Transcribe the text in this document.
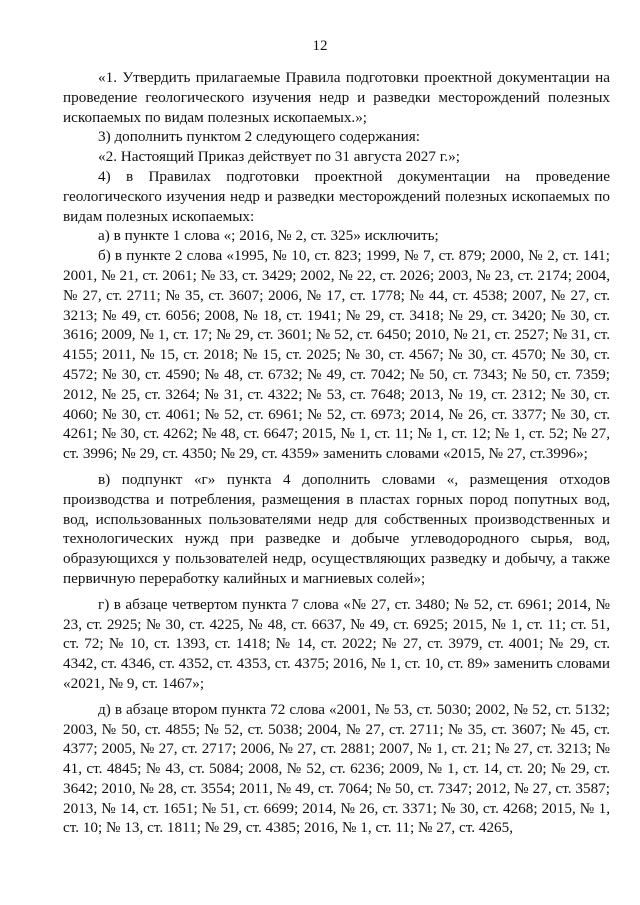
12

«1. Утвердить прилагаемые Правила подготовки проектной документации на проведение геологического изучения недр и разведки месторождений полезных ископаемых по видам полезных ископаемых.»;

3) дополнить пунктом 2 следующего содержания:

«2. Настоящий Приказ действует по 31 августа 2027 г.»;

4) в Правилах подготовки проектной документации на проведение геологического изучения недр и разведки месторождений полезных ископаемых по видам полезных ископаемых:

а) в пункте 1 слова «; 2016, № 2, ст. 325» исключить;

б) в пункте 2 слова «1995, № 10, ст. 823; 1999, № 7, ст. 879; 2000, № 2, ст. 141; 2001, № 21, ст. 2061; № 33, ст. 3429; 2002, № 22, ст. 2026; 2003, № 23, ст. 2174; 2004, № 27, ст. 2711; № 35, ст. 3607; 2006, № 17, ст. 1778; № 44, ст. 4538; 2007, № 27, ст. 3213; № 49, ст. 6056; 2008, № 18, ст. 1941; № 29, ст. 3418; № 29, ст. 3420; № 30, ст. 3616; 2009, № 1, ст. 17; № 29, ст. 3601; № 52, ст. 6450; 2010, № 21, ст. 2527; № 31, ст. 4155; 2011, № 15, ст. 2018; № 15, ст. 2025; № 30, ст. 4567; № 30, ст. 4570; № 30, ст. 4572; № 30, ст. 4590; № 48, ст. 6732; № 49, ст. 7042; № 50, ст. 7343; № 50, ст. 7359; 2012, № 25, ст. 3264; № 31, ст. 4322; № 53, ст. 7648; 2013, № 19, ст. 2312; № 30, ст. 4060; № 30, ст. 4061; № 52, ст. 6961; № 52, ст. 6973; 2014, № 26, ст. 3377; № 30, ст. 4261; № 30, ст. 4262; № 48, ст. 6647; 2015, № 1, ст. 11; № 1, ст. 12; № 1, ст. 52; № 27, ст. 3996; № 29, ст. 4350; № 29, ст. 4359» заменить словами «2015, № 27, ст.3996»;

в) подпункт «г» пункта 4 дополнить словами «, размещения отходов производства и потребления, размещения в пластах горных пород попутных вод, вод, использованных пользователями недр для собственных производственных и технологических нужд при разведке и добыче углеводородного сырья, вод, образующихся у пользователей недр, осуществляющих разведку и добычу, а также первичную переработку калийных и магниевых солей»;

г) в абзаце четвертом пункта 7 слова «№ 27, ст. 3480; № 52, ст. 6961; 2014, № 23, ст. 2925; № 30, ст. 4225, № 48, ст. 6637, № 49, ст. 6925; 2015, № 1, ст. 11; ст. 51, ст. 72; № 10, ст. 1393, ст. 1418; № 14, ст. 2022; № 27, ст. 3979, ст. 4001; № 29, ст. 4342, ст. 4346, ст. 4352, ст. 4353, ст. 4375; 2016, № 1, ст. 10, ст. 89» заменить словами «2021, № 9, ст. 1467»;

д) в абзаце втором пункта 72 слова «2001, № 53, ст. 5030; 2002, № 52, ст. 5132; 2003, № 50, ст. 4855; № 52, ст. 5038; 2004, № 27, ст. 2711; № 35, ст. 3607; № 45, ст. 4377; 2005, № 27, ст. 2717; 2006, № 27, ст. 2881; 2007, № 1, ст. 21; № 27, ст. 3213; № 41, ст. 4845; № 43, ст. 5084; 2008, № 52, ст. 6236; 2009, № 1, ст. 14, ст. 20; № 29, ст. 3642; 2010, № 28, ст. 3554; 2011, № 49, ст. 7064; № 50, ст. 7347; 2012, № 27, ст. 3587; 2013, № 14, ст. 1651; № 51, ст. 6699; 2014, № 26, ст. 3371; № 30, ст. 4268; 2015, № 1, ст. 10; № 13, ст. 1811; № 29, ст. 4385; 2016, № 1, ст. 11; № 27, ст. 4265,
